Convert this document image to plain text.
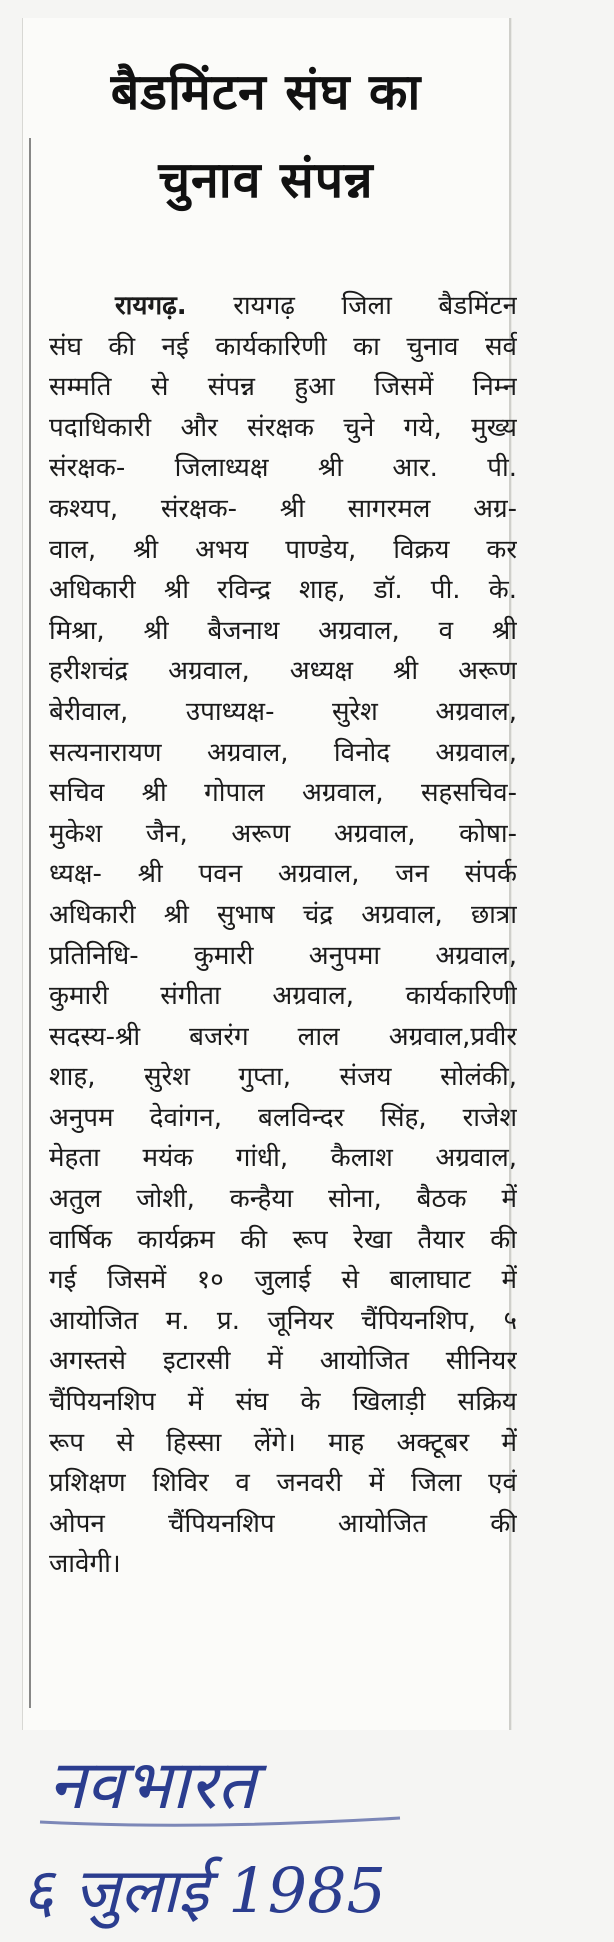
बैडमिंटन संघ का
चुनाव संपन्न
रायगढ़. रायगढ़ जिला बैडमिंटन
संघ की नई कार्यकारिणी का चुनाव सर्व
सम्मति से संपन्न हुआ जिसमें निम्न
पदाधिकारी और संरक्षक चुने गये, मुख्य
संरक्षक- जिलाध्यक्ष श्री आर. पी.
कश्यप, संरक्षक- श्री सागरमल अग्र-
वाल, श्री अभय पाण्डेय, विक्रय कर
अधिकारी श्री रविन्द्र शाह, डॉ. पी. के.
मिश्रा, श्री बैजनाथ अग्रवाल, व श्री
हरीशचंद्र अग्रवाल, अध्यक्ष श्री अरूण
बेरीवाल, उपाध्यक्ष- सुरेश अग्रवाल,
सत्यनारायण अग्रवाल, विनोद अग्रवाल,
सचिव श्री गोपाल अग्रवाल, सहसचिव-
मुकेश जैन, अरूण अग्रवाल, कोषा-
ध्यक्ष- श्री पवन अग्रवाल, जन संपर्क
अधिकारी श्री सुभाष चंद्र अग्रवाल, छात्रा
प्रतिनिधि- कुमारी अनुपमा अग्रवाल,
कुमारी संगीता अग्रवाल, कार्यकारिणी
सदस्य-श्री बजरंग लाल अग्रवाल,प्रवीर
शाह, सुरेश गुप्ता, संजय सोलंकी,
अनुपम देवांगन, बलविन्दर सिंह, राजेश
मेहता मयंक गांधी, कैलाश अग्रवाल,
अतुल जोशी, कन्हैया सोना, बैठक में
वार्षिक कार्यक्रम की रूप रेखा तैयार की
गई जिसमें १० जुलाई से बालाघाट में
आयोजित म. प्र. जूनियर चैंपियनशिप, ५
अगस्तसे इटारसी में आयोजित सीनियर
चैंपियनशिप में संघ के खिलाड़ी सक्रिय
रूप से हिस्सा लेंगे। माह अक्टूबर में
प्रशिक्षण शिविर व जनवरी में जिला एवं
ओपन चैंपियनशिप आयोजित की
जावेगी।
नवभारत
६ जुलाई 1985
